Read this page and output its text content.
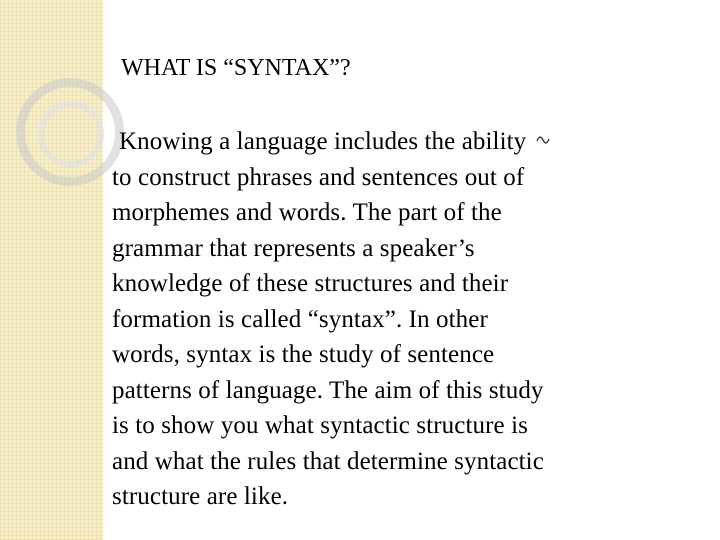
WHAT IS “SYNTAX”?
Knowing a language includes the ability
to construct phrases and sentences out of
morphemes and words. The part of the
grammar that represents a speaker’s
knowledge of these structures and their
formation is called “syntax”. In other
words, syntax is the study of sentence
patterns of language. The aim of this study
is to show you what syntactic structure is
and what the rules that determine syntactic
structure are like.
